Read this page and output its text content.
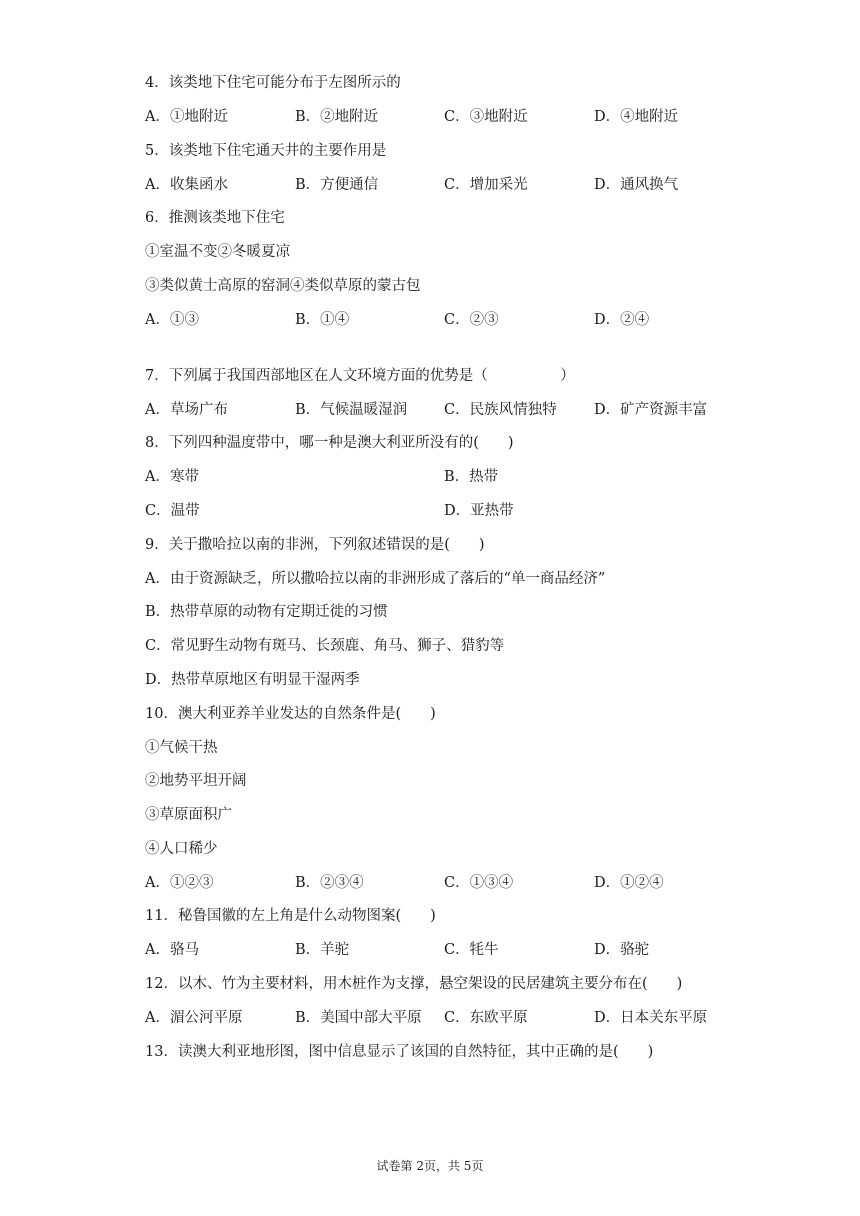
4．该类地下住宅可能分布于左图所示的
A．①地附近	B．②地附近	C．③地附近	D．④地附近
5．该类地下住宅通天井的主要作用是
A．收集函水	B．方便通信	C．增加采光	D．通风换气
6．推测该类地下住宅
①室温不变②冬暖夏凉
③类似黄士高原的窑洞④类似草原的蒙古包
A．①③	B．①④	C．②③	D．②④
7．下列属于我国西部地区在人文环境方面的优势是（　　　　　）
A．草场广布	B．气候温暖湿润	C．民族风情独特	D．矿产资源丰富
8．下列四种温度带中，哪一种是澳大利亚所没有的(　　)
A．寒带	B．热带
C．温带	D．亚热带
9．关于撒哈拉以南的非洲，下列叙述错误的是(　　)
A．由于资源缺乏，所以撒哈拉以南的非洲形成了落后的“单一商品经济”
B．热带草原的动物有定期迁徙的习惯
C．常见野生动物有斑马、长颈鹿、角马、狮子、猎豹等
D．热带草原地区有明显干湿两季
10．澳大利亚养羊业发达的自然条件是(　　)
①气候干热
②地势平坦开阔
③草原面积广
④人口稀少
A．①②③	B．②③④	C．①③④	D．①②④
11．秘鲁国徽的左上角是什么动物图案(　　)
A．骆马	B．羊驼	C．牦牛	D．骆驼
12．以木、竹为主要材料，用木桩作为支撑，悬空架设的民居建筑主要分布在(　　)
A．湄公河平原	B．美国中部大平原 C．东欧平原	D．日本关东平原
13．读澳大利亚地形图，图中信息显示了该国的自然特征，其中正确的是(　　)
试卷第 2页，共 5页
